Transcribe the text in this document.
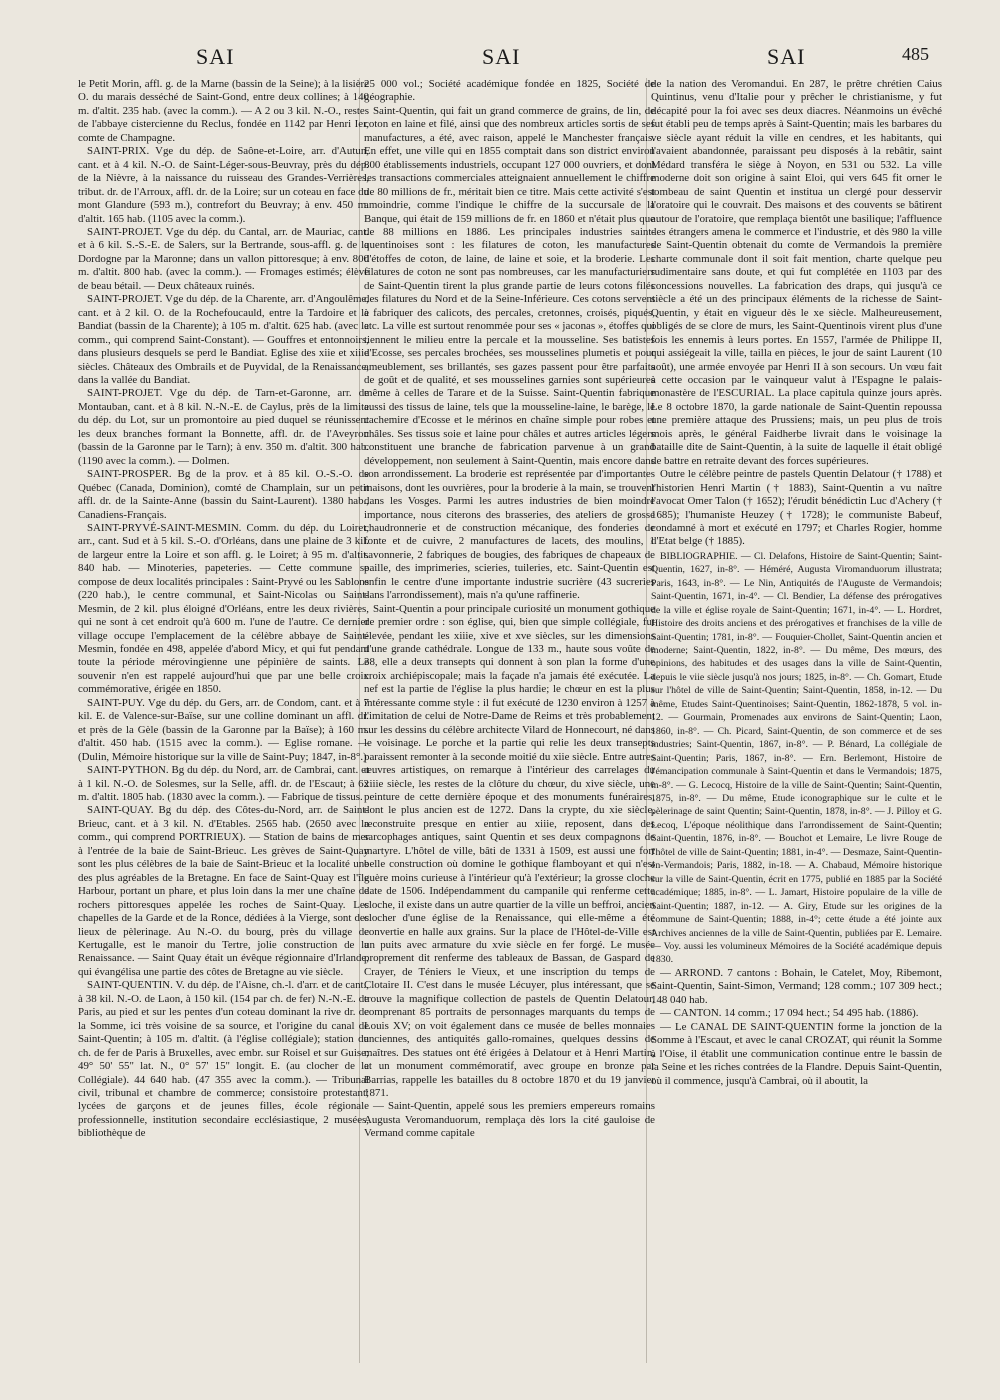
SAI	SAI	SAI	485

le Petit Morin, affl. g. de la Marne (bassin de la Seine); à la lisière O. du marais desséché de Saint-Gond, entre deux collines; à 140 m. d'altit. 235 hab. (avec la comm.). — A 2 ou 3 kil. N.-O., restes de l'abbaye cistercienne du Reclus, fondée en 1142 par Henri Ier, comte de Champagne.

SAINT-PRIX. Vge du dép. de Saône-et-Loire, arr. d'Autun, cant. et à 4 kil. N.-O. de Saint-Léger-sous-Beuvray, près du dép. de la Nièvre, à la naissance du ruisseau des Grandes-Verrières, tribut. dr. de l'Arroux, affl. dr. de la Loire; sur un coteau en face du mont Glandure (593 m.), contrefort du Beuvray; à env. 450 m. d'altit. 165 hab. (1105 avec la comm.).

SAINT-PROJET. Vge du dép. du Cantal, arr. de Mauriac, cant. et à 6 kil. S.-S.-E. de Salers, sur la Bertrande, sous-affl. g. de la Dordogne par la Maronne; dans un vallon pittoresque; à env. 800 m. d'altit. 800 hab. (avec la comm.). — Fromages estimés; élève de beau bétail. — Deux châteaux ruinés.

SAINT-PROJET. Vge du dép. de la Charente, arr. d'Angoulême, cant. et à 2 kil. O. de la Rochefoucauld, entre la Tardoire et le Bandiat (bassin de la Charente); à 105 m. d'altit. 625 hab. (avec la comm., qui comprend Saint-Constant). — Gouffres et entonnoirs, dans plusieurs desquels se perd le Bandiat. Eglise des xiie et xiiie siècles. Châteaux des Ombrails et de Puyvidal, de la Renaissance, dans la vallée du Bandiat.

SAINT-PROJET. Vge du dép. de Tarn-et-Garonne, arr. de Montauban, cant. et à 8 kil. N.-N.-E. de Caylus, près de la limite du dép. du Lot, sur un promontoire au pied duquel se réunissent les deux branches formant la Bonnette, affl. dr. de l'Aveyron (bassin de la Garonne par le Tarn); à env. 350 m. d'altit. 300 hab. (1190 avec la comm.). — Dolmen.

SAINT-PROSPER. Bg de la prov. et à 85 kil. O.-S.-O. de Québec (Canada, Dominion), comté de Champlain, sur un petit affl. dr. de la Sainte-Anne (bassin du Saint-Laurent). 1380 hab., Canadiens-Français.

SAINT-PRYVÉ-SAINT-MESMIN. Comm. du dép. du Loiret, arr., cant. Sud et à 5 kil. S.-O. d'Orléans, dans une plaine de 3 kil. de largeur entre la Loire et son affl. g. le Loiret; à 95 m. d'altit. 840 hab. — Minoteries, papeteries. — Cette commune se compose de deux localités principales : Saint-Pryvé ou les Sablons (220 hab.), le centre communal, et Saint-Nicolas ou Saint-Mesmin, de 2 kil. plus éloigné d'Orléans, entre les deux rivières, qui ne sont à cet endroit qu'à 600 m. l'une de l'autre. Ce dernier village occupe l'emplacement de la célèbre abbaye de Saint-Mesmin, fondée en 498, appelée d'abord Micy, et qui fut pendant toute la période mérovingienne une pépinière de saints. Le souvenir n'en est rappelé aujourd'hui que par une belle croix commémorative, érigée en 1850.

SAINT-PUY. Vge du dép. du Gers, arr. de Condom, cant. et à 7 kil. E. de Valence-sur-Baïse, sur une colline dominant un affl. dr. et près de la Gèle (bassin de la Garonne par la Baïse); à 160 m. d'altit. 450 hab. (1515 avec la comm.). — Eglise romane. — (Dulin, Mémoire historique sur la ville de Saint-Puy; 1847, in-8°.)

SAINT-PYTHON. Bg du dép. du Nord, arr. de Cambrai, cant. et à 1 kil. N.-O. de Solesmes, sur la Selle, affl. dr. de l'Escaut; à 62 m. d'altit. 1805 hab. (1830 avec la comm.). — Fabrique de tissus.

SAINT-QUAY. Bg du dép. des Côtes-du-Nord, arr. de Saint-Brieuc, cant. et à 3 kil. N. d'Etables. 2565 hab. (2650 avec la comm., qui comprend PORTRIEUX). — Station de bains de mer à l'entrée de la baie de Saint-Brieuc. Les grèves de Saint-Quay sont les plus célèbres de la baie de Saint-Brieuc et la localité une des plus agréables de la Bretagne. En face de Saint-Quay est l'île Harbour, portant un phare, et plus loin dans la mer une chaîne de rochers pittoresques appelée les roches de Saint-Quay. Les chapelles de la Garde et de la Ronce, dédiées à la Vierge, sont des lieux de pèlerinage. Au N.-O. du bourg, près du village de Kertugalle, est le manoir du Tertre, jolie construction de la Renaissance. — Saint Quay était un évêque régionnaire d'Irlande, qui évangélisa une partie des côtes de Bretagne au vie siècle.

SAINT-QUENTIN. V. du dép. de l'Aisne, ch.-l. d'arr. et de cant., à 38 kil. N.-O. de Laon, à 150 kil. (154 par ch. de fer) N.-N.-E. de Paris, au pied et sur les pentes d'un coteau dominant la rive dr. de la Somme, ici très voisine de sa source, et l'origine du canal de Saint-Quentin; à 105 m. d'altit. (à l'église collégiale); station du ch. de fer de Paris à Bruxelles, avec embr. sur Roisel et sur Guise; 49° 50' 55" lat. N., 0° 57' 15" longit. E. (au clocher de la Collégiale). 44 640 hab. (47 355 avec la comm.). — Tribunal civil, tribunal et chambre de commerce; consistoire protestant; lycées de garçons et de jeunes filles, école régionale professionnelle, institution secondaire ecclésiastique, 2 musées, bibliothèque de

25 000 vol.; Société académique fondée en 1825, Société de géographie.

Saint-Quentin, qui fait un grand commerce de grains, de lin, de coton en laine et filé, ainsi que des nombreux articles sortis de ses manufactures, a été, avec raison, appelé le Manchester français. En effet, une ville qui en 1855 comptait dans son district environ 800 établissements industriels, occupant 127 000 ouvriers, et dont les transactions commerciales atteignaient annuellement le chiffre de 80 millions de fr., méritait bien ce titre. Mais cette activité s'est amoindrie, comme l'indique le chiffre de la succursale de la Banque, qui était de 159 millions de fr. en 1860 et n'était plus que de 88 millions en 1886. Les principales industries saint-quentinoises sont : les filatures de coton, les manufactures d'étoffes de coton, de laine, de laine et soie, et la broderie. Les filatures de coton ne sont pas nombreuses, car les manufacturiers de Saint-Quentin tirent la plus grande partie de leurs cotons filés des filatures du Nord et de la Seine-Inférieure. Ces cotons servent à fabriquer des calicots, des percales, cretonnes, croisés, piqués, etc. La ville est surtout renommée pour ses « jaconas », étoffes qui tiennent le milieu entre la percale et la mousseline. Ses batistes d'Ecosse, ses percales brochées, ses mousselines plumetis et pour ameublement, ses brillantés, ses gazes passent pour être parfaits de goût et de qualité, et ses mousselines garnies sont supérieures même à celles de Tarare et de la Suisse. Saint-Quentin fabrique aussi des tissus de laine, tels que la mousseline-laine, le barège, le cachemire d'Ecosse et le mérinos en chaîne simple pour robes et châles. Ses tissus soie et laine pour châles et autres articles légers constituent une branche de fabrication parvenue à un grand développement, non seulement à Saint-Quentin, mais encore dans son arrondissement. La broderie est représentée par d'importantes maisons, dont les ouvrières, pour la broderie à la main, se trouvent dans les Vosges. Parmi les autres industries de bien moindre importance, nous citerons des brasseries, des ateliers de grosse chaudronnerie et de construction mécanique, des fonderies de fonte et de cuivre, 2 manufactures de lacets, des moulins, 1 savonnerie, 2 fabriques de bougies, des fabriques de chapeaux de paille, des imprimeries, scieries, tuileries, etc. Saint-Quentin est enfin le centre d'une importante industrie sucrière (43 sucreries dans l'arrondissement), mais n'a qu'une raffinerie.

Saint-Quentin a pour principale curiosité un monument gothique de premier ordre : son église, qui, bien que simple collégiale, fut élevée, pendant les xiiie, xive et xve siècles, sur les dimensions d'une grande cathédrale. Longue de 133 m., haute sous voûte de 38, elle a deux transepts qui donnent à son plan la forme d'une croix archiépiscopale; mais la façade n'a jamais été exécutée. La nef est la partie de l'église la plus hardie; le chœur en est la plus intéressante comme style : il fut exécuté de 1230 environ à 1257 à l'imitation de celui de Notre-Dame de Reims et très probablement sur les dessins du célèbre architecte Vilard de Honnecourt, né dans le voisinage. Le porche et la partie qui relie les deux transepts paraissent remonter à la seconde moitié du xiie siècle. Entre autres œuvres artistiques, on remarque à l'intérieur des carrelages du xiiie siècle, les restes de la clôture du chœur, du xive siècle, une peinture de cette dernière époque et des monuments funéraires, dont le plus ancien est de 1272. Dans la crypte, du xie siècle, reconstruite presque en entier au xiiie, reposent, dans des sarcophages antiques, saint Quentin et ses deux compagnons de martyre. L'hôtel de ville, bâti de 1331 à 1509, est aussi une fort belle construction où domine le gothique flamboyant et qui n'est guère moins curieuse à l'intérieur qu'à l'extérieur; la grosse cloche date de 1506. Indépendamment du campanile qui renferme cette cloche, il existe dans un autre quartier de la ville un beffroi, ancien clocher d'une église de la Renaissance, qui elle-même a été convertie en halle aux grains. Sur la place de l'Hôtel-de-Ville est un puits avec armature du xvie siècle en fer forgé. Le musée proprement dit renferme des tableaux de Bassan, de Gaspard de Crayer, de Téniers le Vieux, et une inscription du temps de Clotaire II. C'est dans le musée Lécuyer, plus intéressant, que se trouve la magnifique collection de pastels de Quentin Delatour, comprenant 85 portraits de personnages marquants du temps de Louis XV; on voit également dans ce musée de belles monnaies anciennes, des antiquités gallo-romaines, quelques dessins de maîtres. Des statues ont été érigées à Delatour et à Henri Martin, et un monument commémoratif, avec groupe en bronze par Barrias, rappelle les batailles du 8 octobre 1870 et du 19 janvier 1871.

— Saint-Quentin, appelé sous les premiers empereurs romains Augusta Veromanduorum, remplaça dès lors la cité gauloise de Vermand comme capitale

de la nation des Veromandui. En 287, le prêtre chrétien Caius Quintinus, venu d'Italie pour y prêcher le christianisme, y fut décapité pour la foi avec ses deux diacres. Néanmoins un évêché fut établi peu de temps après à Saint-Quentin; mais les barbares du ve siècle ayant réduit la ville en cendres, et les habitants, qui l'avaient abandonnée, paraissant peu disposés à la rebâtir, saint Médard transféra le siège à Noyon, en 531 ou 532. La ville moderne doit son origine à saint Eloi, qui vers 645 fit orner le tombeau de saint Quentin et institua un clergé pour desservir l'oratoire qui le couvrait. Des maisons et des couvents se bâtirent autour de l'oratoire, que remplaça bientôt une basilique; l'affluence des étrangers amena le commerce et l'industrie, et dès 980 la ville de Saint-Quentin obtenait du comte de Vermandois la première charte communale dont il soit fait mention, charte quelque peu rudimentaire sans doute, et qui fut complétée en 1103 par des concessions nouvelles. La fabrication des draps, qui jusqu'à ce siècle a été un des principaux éléments de la richesse de Saint-Quentin, y était en vigueur dès le xe siècle. Malheureusement, obligés de se clore de murs, les Saint-Quentinois virent plus d'une fois les ennemis à leurs portes. En 1557, l'armée de Philippe II, qui assiégeait la ville, tailla en pièces, le jour de saint Laurent (10 août), une armée envoyée par Henri II à son secours. Un vœu fait à cette occasion par le vainqueur valut à l'Espagne le palais-monastère de l'ESCURIAL. La place capitula quinze jours après. Le 8 octobre 1870, la garde nationale de Saint-Quentin repoussa une première attaque des Prussiens; mais, un peu plus de trois mois après, le général Faidherbe livrait dans le voisinage la bataille dite de Saint-Quentin, à la suite de laquelle il était obligé de battre en retraite devant des forces supérieures.

Outre le célèbre peintre de pastels Quentin Delatour († 1788) et l'historien Henri Martin († 1883), Saint-Quentin a vu naître l'avocat Omer Talon († 1652); l'érudit bénédictin Luc d'Achery († 1685); l'humaniste Heuzey († 1728); le communiste Babeuf, condamné à mort et exécuté en 1797; et Charles Rogier, homme d'Etat belge († 1885).

BIBLIOGRAPHIE. — Cl. Delafons, Histoire de Saint-Quentin; Saint-Quentin, 1627, in-8°. — Héméré, Augusta Viromanduorum illustrata; Paris, 1643, in-8°. — Le Nin, Antiquités de l'Auguste de Vermandois; Saint-Quentin, 1671, in-4°. — Cl. Bendier, La défense des prérogatives de la ville et église royale de Saint-Quentin; 1671, in-4°. — L. Hordret, Histoire des droits anciens et des prérogatives et franchises de la ville de Saint-Quentin; 1781, in-8°. — Fouquier-Chollet, Saint-Quentin ancien et moderne; Saint-Quentin, 1822, in-8°. — Du même, Des mœurs, des opinions, des habitudes et des usages dans la ville de Saint-Quentin, depuis le viie siècle jusqu'à nos jours; 1825, in-8°. — Ch. Gomart, Etude sur l'hôtel de ville de Saint-Quentin; Saint-Quentin, 1858, in-12. — Du même, Etudes Saint-Quentinoises; Saint-Quentin, 1862-1878, 5 vol. in-12. — Gourmain, Promenades aux environs de Saint-Quentin; Laon, 1860, in-8°. — Ch. Picard, Saint-Quentin, de son commerce et de ses industries; Saint-Quentin, 1867, in-8°. — P. Bénard, La collégiale de Saint-Quentin; Paris, 1867, in-8°. — Ern. Berlemont, Histoire de l'émancipation communale à Saint-Quentin et dans le Vermandois; 1875, in-8°. — G. Lecocq, Histoire de la ville de Saint-Quentin; Saint-Quentin, 1875, in-8°. — Du même, Etude iconographique sur le culte et le pèlerinage de saint Quentin; Saint-Quentin, 1878, in-8°. — J. Pilloy et G. Lecoq, L'époque néolithique dans l'arrondissement de Saint-Quentin; Saint-Quentin, 1876, in-8°. — Bouchot et Lemaire, Le livre Rouge de l'hôtel de ville de Saint-Quentin; 1881, in-4°. — Desmaze, Saint-Quentin-en-Vermandois; Paris, 1882, in-18. — A. Chabaud, Mémoire historique sur la ville de Saint-Quentin, écrit en 1775, publié en 1885 par la Société académique; 1885, in-8°. — L. Jamart, Histoire populaire de la ville de Saint-Quentin; 1887, in-12. — A. Giry, Etude sur les origines de la commune de Saint-Quentin; 1888, in-4°; cette étude a été jointe aux Archives anciennes de la ville de Saint-Quentin, publiées par E. Lemaire. — Voy. aussi les volumineux Mémoires de la Société académique depuis 1830.

— ARROND. 7 cantons : Bohain, le Catelet, Moy, Ribemont, Saint-Quentin, Saint-Simon, Vermand; 128 comm.; 107 309 hect.; 148 040 hab.

— CANTON. 14 comm.; 17 094 hect.; 54 495 hab. (1886).

— Le CANAL DE SAINT-QUENTIN forme la jonction de la Somme à l'Escaut, et avec le canal CROZAT, qui réunit la Somme à l'Oise, il établit une communication continue entre le bassin de la Seine et les riches contrées de la Flandre. Depuis Saint-Quentin, où il commence, jusqu'à Cambrai, où il aboutit, la
